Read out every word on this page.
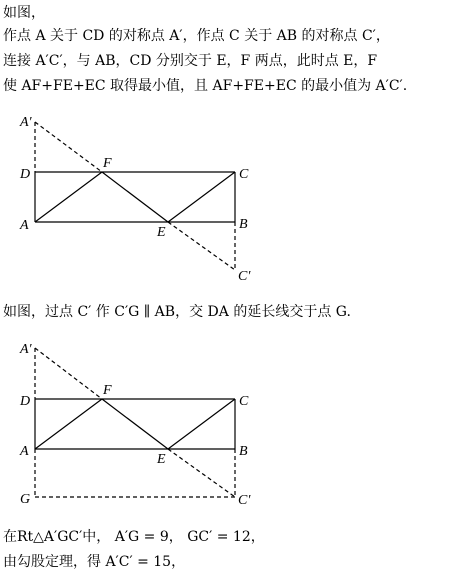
如图，
作点 A 关于 CD 的对称点 A′，作点 C 关于 AB 的对称点 C′，
连接 A′C′，与 AB，CD 分别交于 E，F 两点，此时点 E，F
使 AF+FE+EC 取得最小值，且 AF+FE+EC 的最小值为 A′C′.
A′
D
A
F
C
E
B
C′
如图，过点 C′ 作 C′G ∥ AB，交 DA 的延长线交于点 G.
A′
D
A
F
C
E
B
G	C′
在Rt△A′GC′中， A′G = 9， GC′ = 12，
由勾股定理，得 A′C′ = 15，
